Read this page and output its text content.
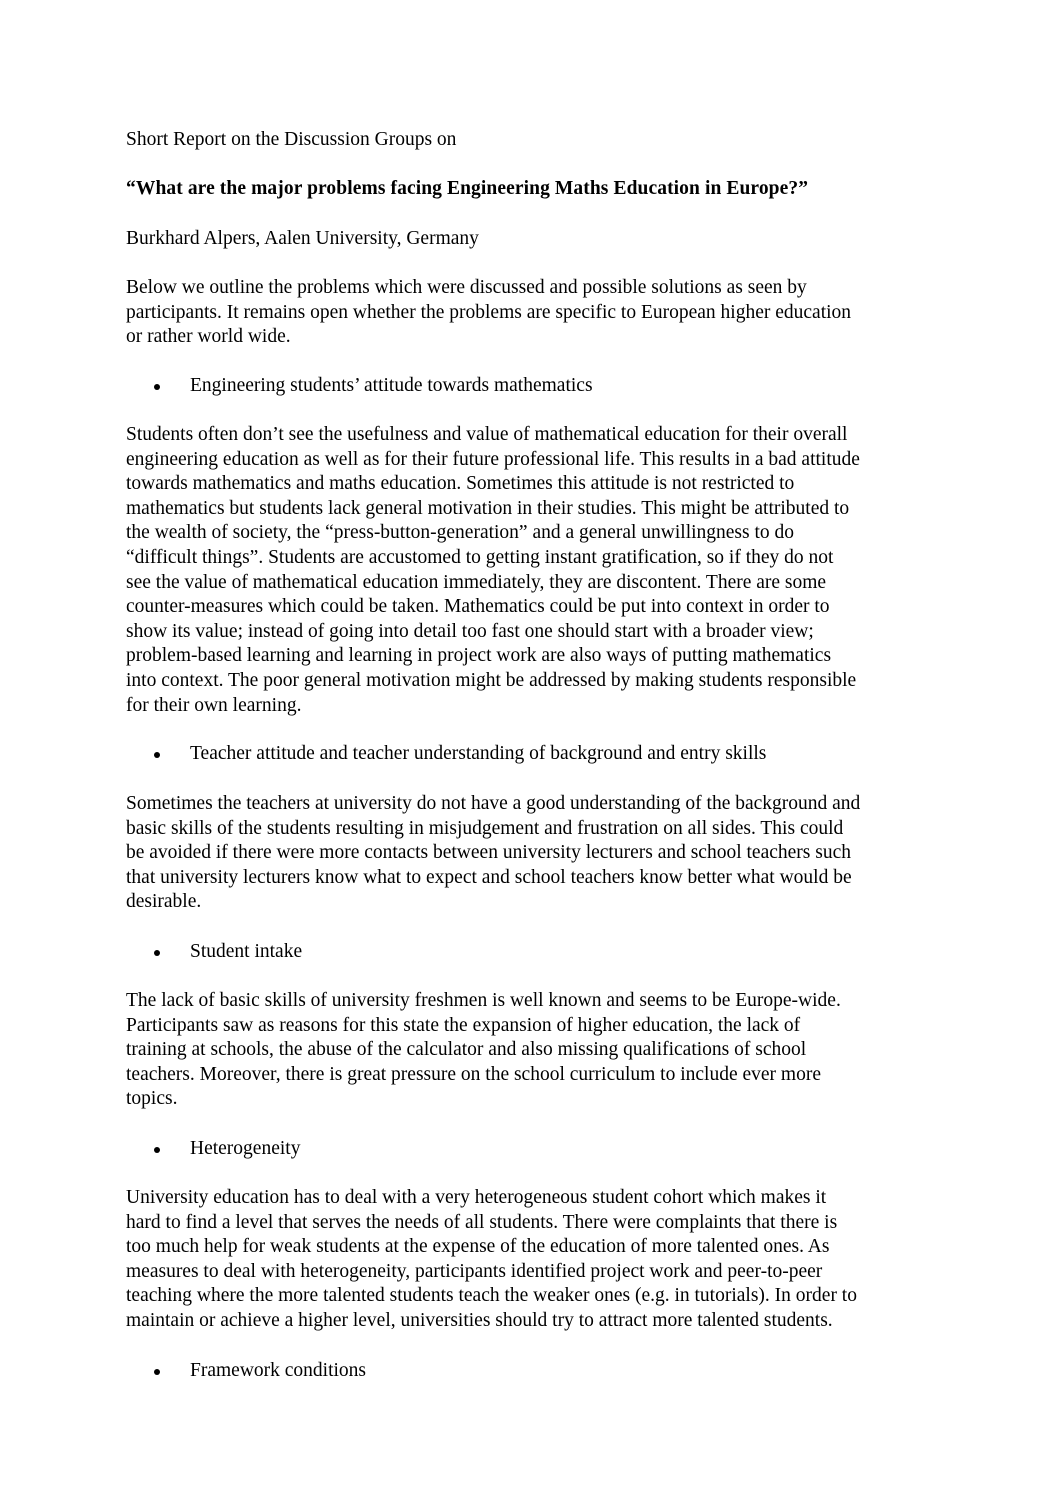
Short Report on the Discussion Groups on

“What are the major problems facing Engineering Maths Education in Europe?”

Burkhard Alpers, Aalen University, Germany

Below we outline the problems which were discussed and possible solutions as seen by
participants. It remains open whether the problems are specific to European higher education
or rather world wide.

Engineering students’ attitude towards mathematics

Students often don’t see the usefulness and value of mathematical education for their overall
engineering education as well as for their future professional life. This results in a bad attitude
towards mathematics and maths education. Sometimes this attitude is not restricted to
mathematics but students lack general motivation in their studies. This might be attributed to
the wealth of society, the “press-button-generation” and a general unwillingness to do
“difficult things”. Students are accustomed to getting instant gratification, so if they do not
see the value of mathematical education immediately, they are discontent. There are some
counter-measures which could be taken. Mathematics could be put into context in order to
show its value; instead of going into detail too fast one should start with a broader view;
problem-based learning and learning in project work are also ways of putting mathematics
into context. The poor general motivation might be addressed by making students responsible
for their own learning.

Teacher attitude and teacher understanding of background and entry skills

Sometimes the teachers at university do not have a good understanding of the background and
basic skills of the students resulting in misjudgement and frustration on all sides. This could
be avoided if there were more contacts between university lecturers and school teachers such
that university lecturers know what to expect and school teachers know better what would be
desirable.

Student intake

The lack of basic skills of university freshmen is well known and seems to be Europe-wide.
Participants saw as reasons for this state the expansion of higher education, the lack of
training at schools, the abuse of the calculator and also missing qualifications of school
teachers. Moreover, there is great pressure on the school curriculum to include ever more
topics.

Heterogeneity

University education has to deal with a very heterogeneous student cohort which makes it
hard to find a level that serves the needs of all students. There were complaints that there is
too much help for weak students at the expense of the education of more talented ones. As
measures to deal with heterogeneity, participants identified project work and peer-to-peer
teaching where the more talented students teach the weaker ones (e.g. in tutorials). In order to
maintain or achieve a higher level, universities should try to attract more talented students.

Framework conditions
